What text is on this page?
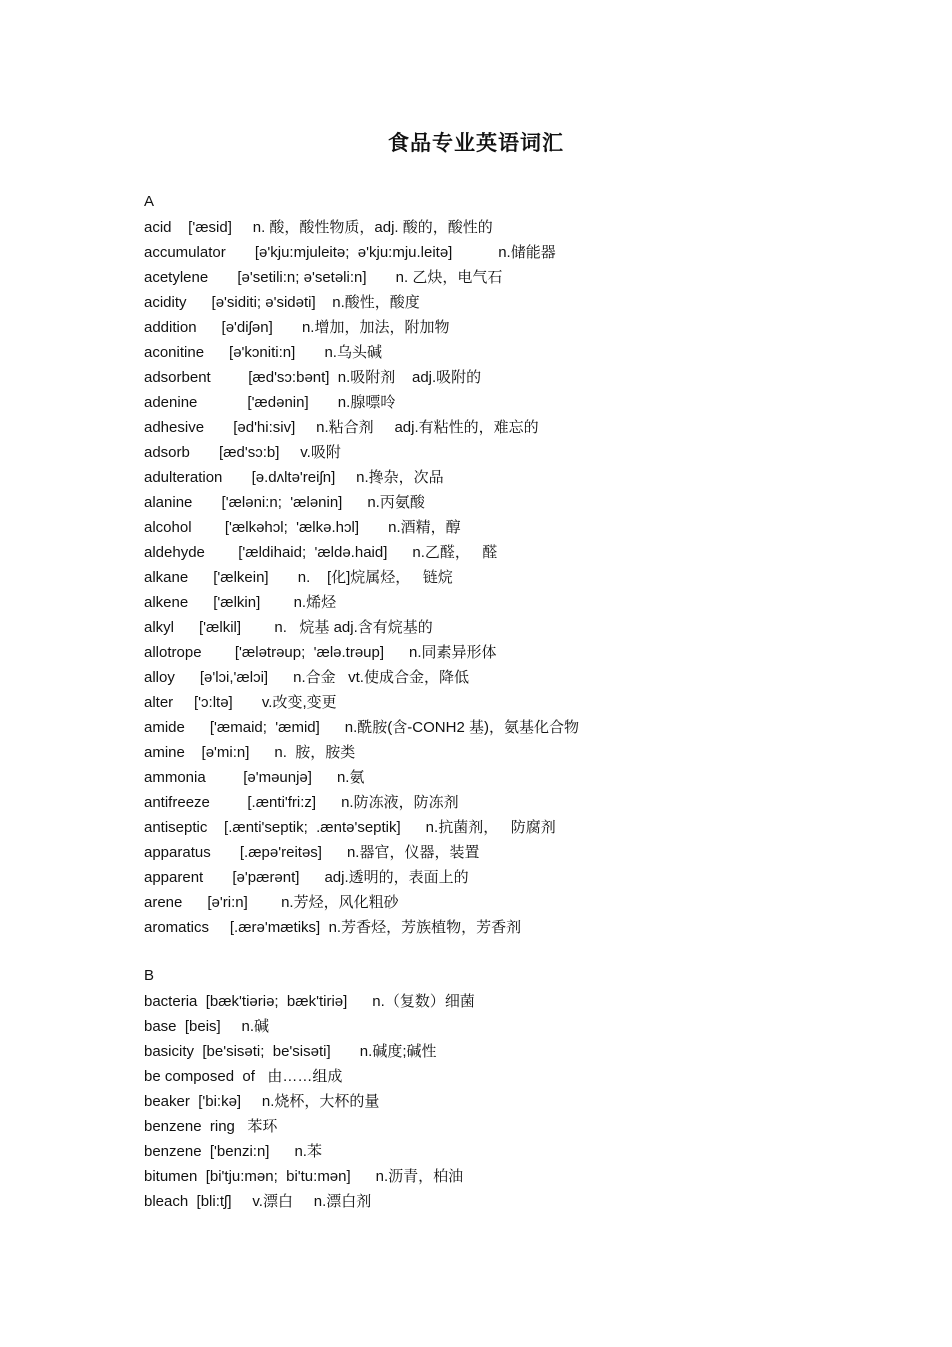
食品专业英语词汇
A
acid    ['æsid]     n. 酸，酸性物质，adj. 酸的，酸性的
accumulator       [ə'kju:mjuleitə;  ə'kju:mju.leitə]           n.储能器
acetylene       [ə'setili:n; ə'setəli:n]       n. 乙炔，电气石
acidity      [ə'siditi; ə'sidəti]    n.酸性，酸度
addition      [ə'diʃən]       n.增加，加法，附加物
aconitine      [ə'kɔniti:n]       n.乌头碱
adsorbent         [æd'sɔ:bənt]  n.吸附剂    adj.吸附的
adenine            ['ædənin]       n.腺嘌呤
adhesive       [əd'hi:siv]     n.粘合剂     adj.有粘性的，难忘的
adsorb       [æd'sɔ:b]     v.吸附
adulteration       [ə.dʌltə'reiʃn]     n.搀杂，次品
alanine       ['æləni:n;  'ælənin]      n.丙氨酸
alcohol        ['ælkəhɔl;  'ælkə.hɔl]       n.酒精，醇
aldehyde        ['ældihaid;  'ældə.haid]      n.乙醛，   醛
alkane      ['ælkein]       n.    [化]烷属烃，   链烷
alkene      ['ælkin]        n.烯烃
alkyl      ['ælkil]        n.   烷基 adj.含有烷基的
allotrope        ['ælətrəup;  'ælə.trəup]      n.同素异形体
alloy      [ə'lɔi,'ælɔi]      n.合金   vt.使成合金，降低
alter     ['ɔ:ltə]       v.改变,变更
amide      ['æmaid;  'æmid]      n.酰胺(含-CONH2 基)，氨基化合物
amine    [ə'mi:n]      n.  胺，胺类
ammonia         [ə'məunjə]      n.氨
antifreeze         [.ænti'fri:z]      n.防冻液，防冻剂
antiseptic    [.ænti'septik;  .æntə'septik]      n.抗菌剂，   防腐剂
apparatus       [.æpə'reitəs]      n.器官，仪器，装置
apparent       [ə'pærənt]      adj.透明的，表面上的
arene      [ə'ri:n]        n.芳烃，风化粗砂
aromatics     [.ærə'mætiks]  n.芳香烃，芳族植物，芳香剂
B
bacteria  [bæk'tiəriə;  bæk'tiriə]      n.（复数）细菌
base  [beis]     n.碱
basicity  [be'sisəti;  be'sisəti]       n.碱度;碱性
be composed  of   由……组成
beaker  ['bi:kə]     n.烧杯，大杯的量
benzene  ring   苯环
benzene  ['benzi:n]      n.苯
bitumen  [bi'tju:mən;  bi'tu:mən]      n.沥青，柏油
bleach  [bli:tʃ]     v.漂白     n.漂白剂
